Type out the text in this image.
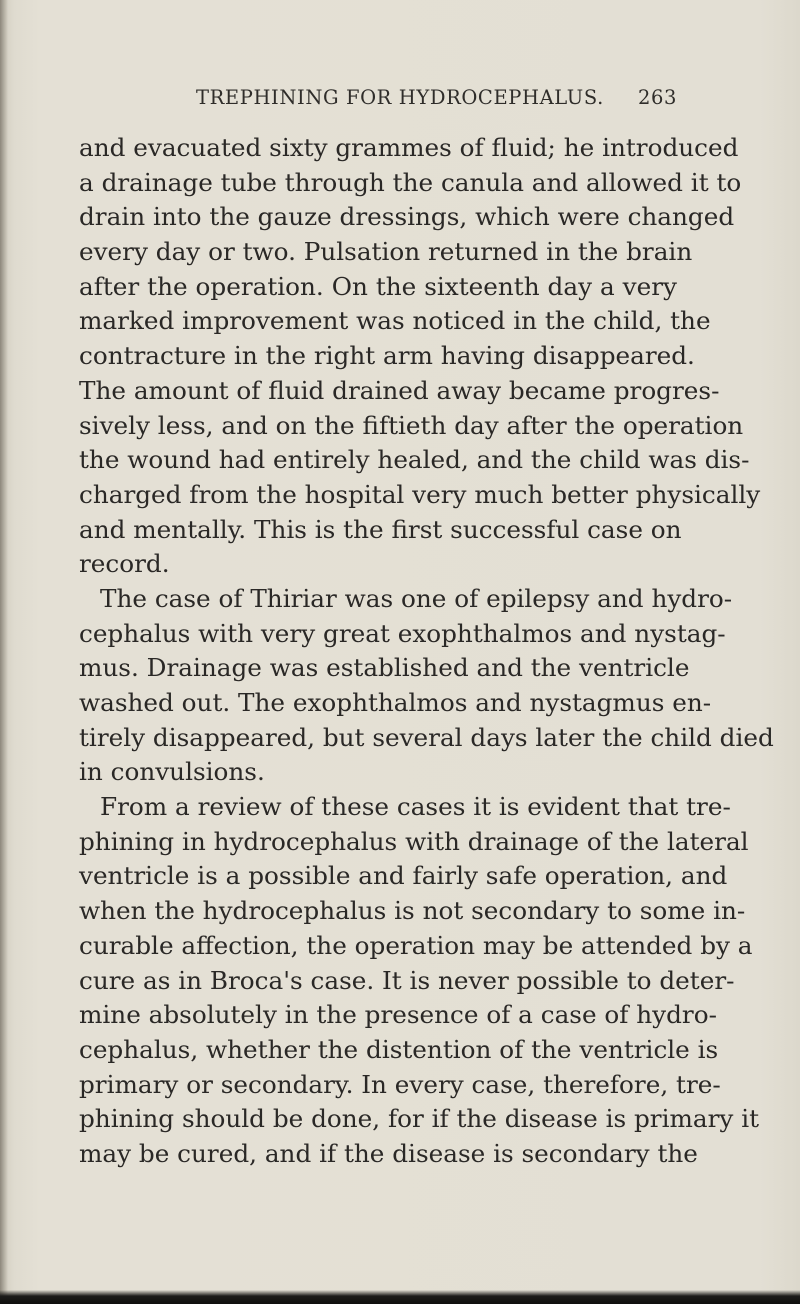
TREPHINING FOR HYDROCEPHALUS. 263
and evacuated sixty grammes of fluid; he introduced
a drainage tube through the canula and allowed it to
drain into the gauze dressings, which were changed
every day or two. Pulsation returned in the brain
after the operation. On the sixteenth day a very
marked improvement was noticed in the child, the
contracture in the right arm having disappeared.
The amount of fluid drained away became progres-
sively less, and on the fiftieth day after the operation
the wound had entirely healed, and the child was dis-
charged from the hospital very much better physically
and mentally. This is the first successful case on
record.
The case of Thiriar was one of epilepsy and hydro-
cephalus with very great exophthalmos and nystag-
mus. Drainage was established and the ventricle
washed out. The exophthalmos and nystagmus en-
tirely disappeared, but several days later the child died
in convulsions.
From a review of these cases it is evident that tre-
phining in hydrocephalus with drainage of the lateral
ventricle is a possible and fairly safe operation, and
when the hydrocephalus is not secondary to some in-
curable affection, the operation may be attended by a
cure as in Broca's case. It is never possible to deter-
mine absolutely in the presence of a case of hydro-
cephalus, whether the distention of the ventricle is
primary or secondary. In every case, therefore, tre-
phining should be done, for if the disease is primary it
may be cured, and if the disease is secondary the
